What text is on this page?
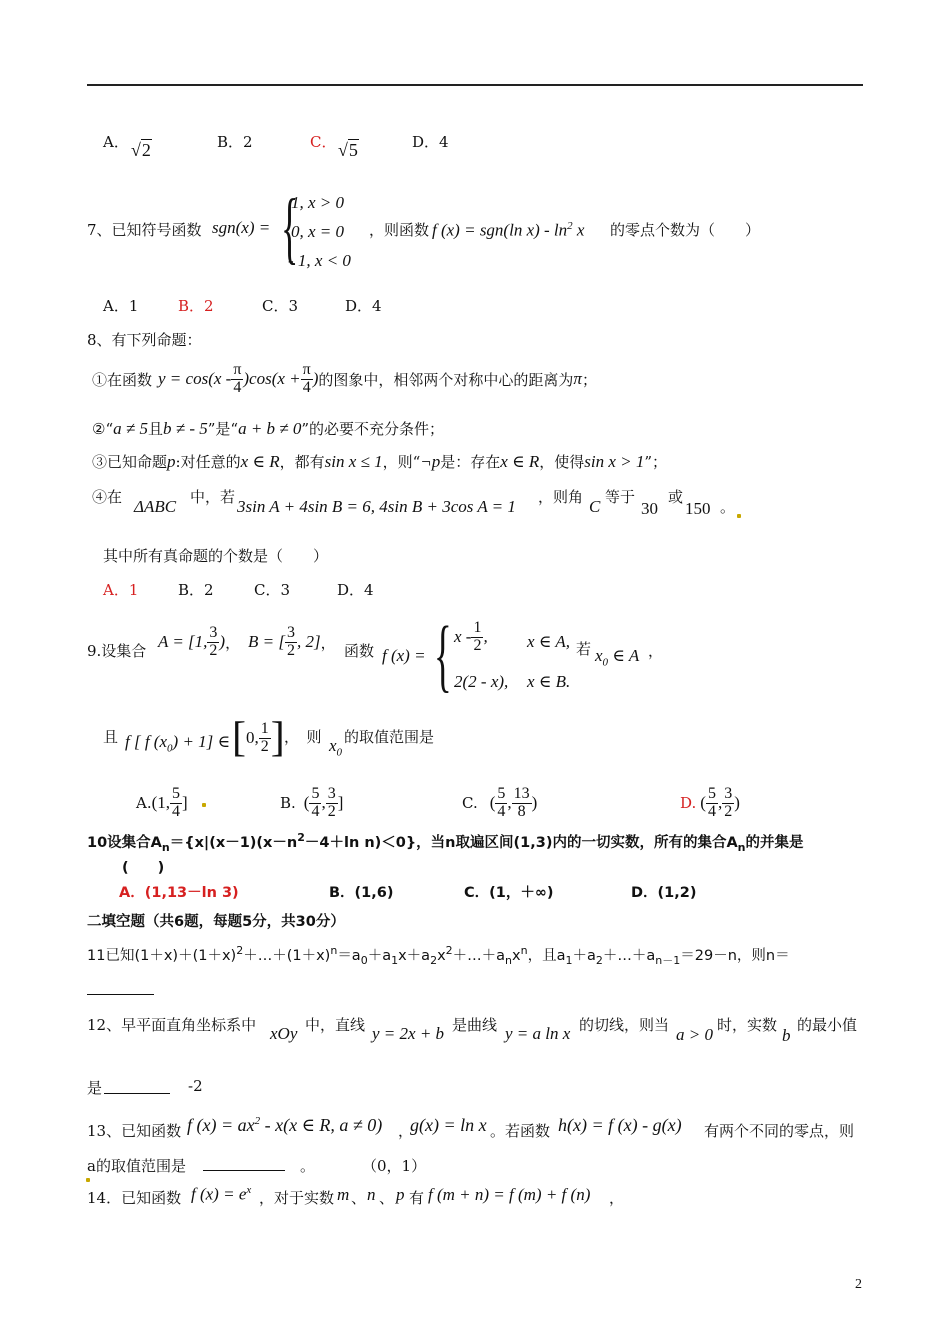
A． √2	B．2	C． √5	D．4
7、已知符号函数 sgn(x) = {
1, x > 0
0, x = 0
- 1, x < 0
，则函数 f (x) = sgn(ln $x) - \ln^2 x$ 的零点个数为（　　）
A．1	B．2	C．3	D．4
8、有下列命题：
①在函数 $y = \cos(x - \frac{\pi}{4} )\cos(x + \frac{\pi}{4}$ ) 的图象中，相邻两个对称中心的距离为 π ；
②“a ≠ 5且b ≠ - 5”是“a + b ≠ 0”的必要不充分条件；
③已知命题p:对任意的x ∈ R，都有sin x ≤ 1，则“¬p是：存在x ∈ R，使得sin x > 1”；
④在 ΔABC 中，若 3sin A + 4sin B = 6, 4sin B + 3cos A = 1 ，则角 C 等于
30
或
150 。
其中所有真命题的个数是（　　）
A．1	B．2	C．3	D．4
9.设集合 A = [1, $\frac{3}{2}$ ) ， B = [ $\frac{3}{2}$ , 2] ， 函数 f (x) = { x - $\frac{1}{2}$ , x ∈ A, 若 $x_0$ ∈ A ，
2(2 - x), x ∈ B.
且 f [ f $(x_0) + 1$] ∈ [ 0, $\frac{1}{2}$ ] ，　则 $x_0$
的取值范围是
A. (1, $\frac{5}{4}$ ]	B. ( $\frac{5}{4}$ , $\frac{3}{2}$ ]	C. ( $\frac{5}{4}$ , $\frac{13}{8}$ )	D. ( $\frac{5}{4}$ , $\frac{3}{2}$ )
10设集合$A_n=\{x|(x-1)(x-n^2-4+\ln$ n)＜0}，当n取遍区间(1,3)内的一切实数，所有的集合$A_n$的并集是
(　　)
A．(1,13－ln 3)	B．(1,6)	C．(1，＋∞)	D．(1,2)
二填空题（共6题，每题5分，共30分）
11已知$(1+x)+(1+x)^2+\dots+(1+x)^n=a_0+a_1x+a_2x^2+\dots+a_nx^n$，且$a_1+a_2+\dots+a_{n-1}=29-n$，则n＝
12、早平面直角坐标系中 xOy 中，直线 y = 2x + b 是曲线 y = a ln x 的切线，则当 a > 0 时，实数
b
的最小值
是	-2
13、已知函数 f $(x) = ax^2 - x(x$ ∈ R, a ≠ 0) ，
g(x) = ln x 。若函数 h(x) = f (x) - g(x) 有两个不同的零点，则
a的取值范围是	。	（0，1）
14．已知函数 f $(x) = e^x$ ，对于实数 m 、 n 、 p 有 f (m + n) = f (m) + f (n) ，
2
